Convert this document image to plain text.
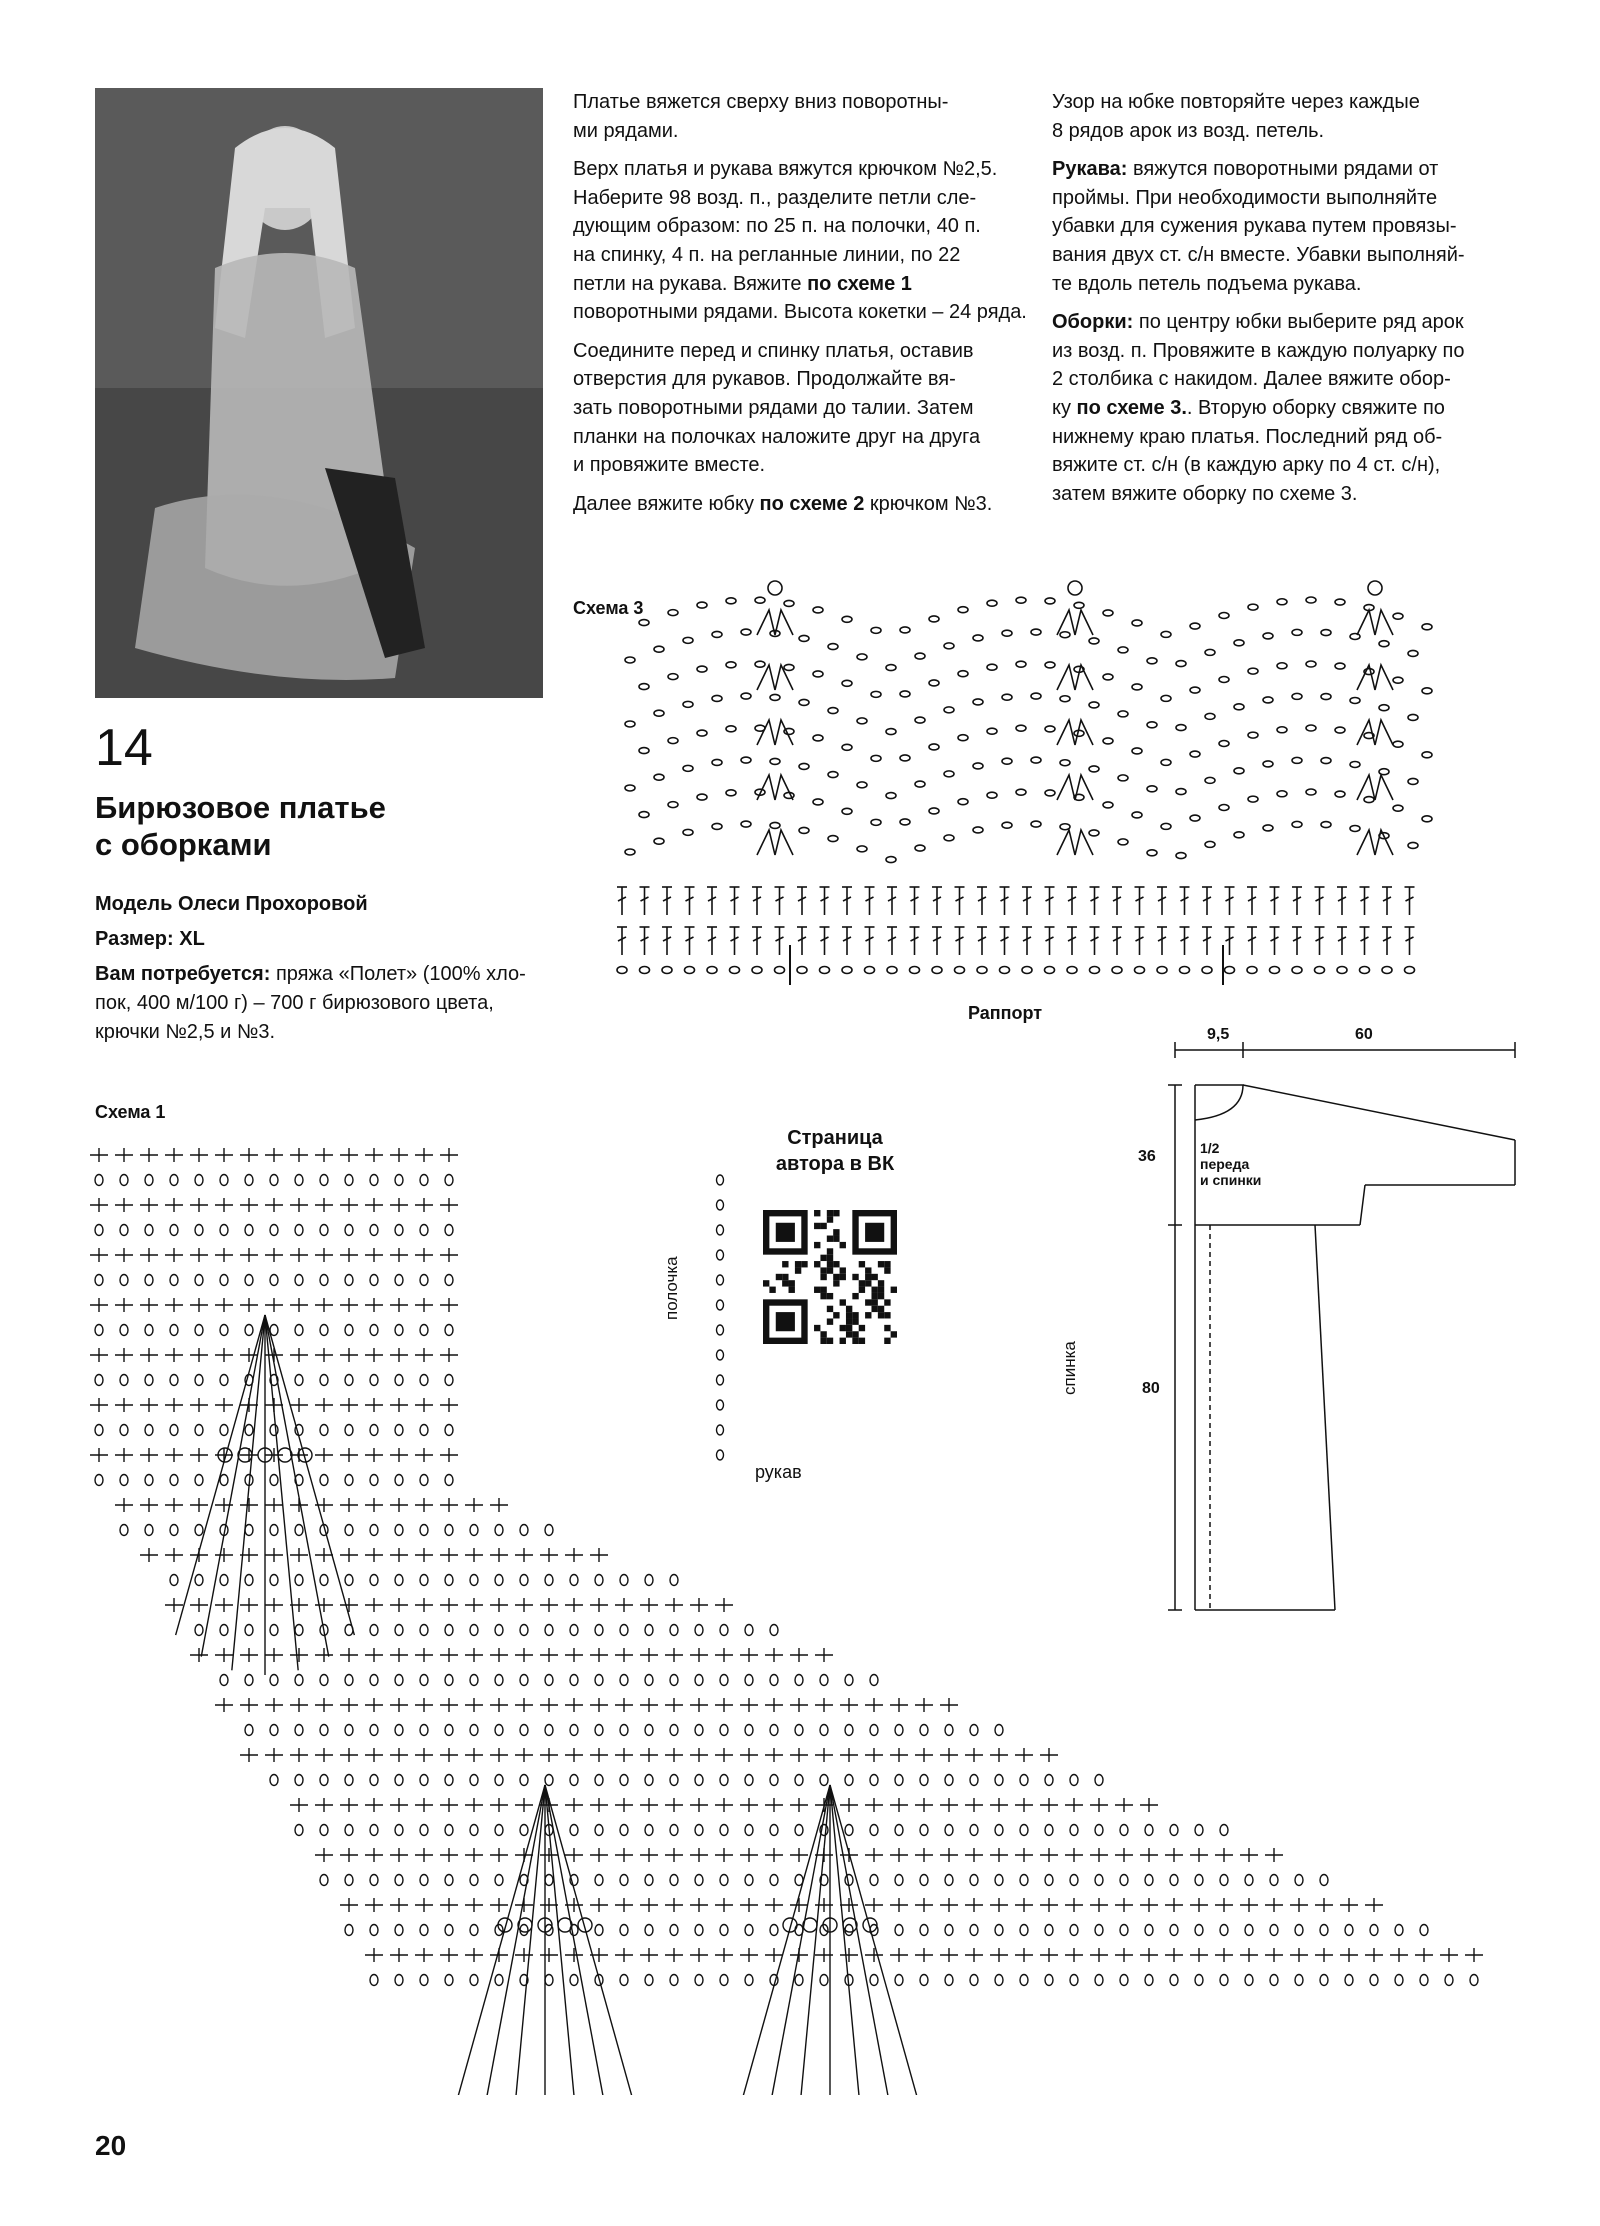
14
Бирюзовое платье
с оборками
Модель Олеси Прохоровой
Размер: XL
Вам потребуется: пряжа «Полет» (100% хло-
пок, 400 м/100 г) – 700 г бирюзового цвета,
крючки №2,5 и №3.

Платье вяжется сверху вниз поворотны-
ми рядами.

Верх платья и рукава вяжутся крючком №2,5.
Наберите 98 возд. п., разделите петли сле-
дующим образом: по 25 п. на полочки, 40 п.
на спинку, 4 п. на регланные линии, по 22
петли на рукава. Вяжите по схеме 1
поворотными рядами. Высота кокетки – 24 ряда.

Соедините перед и спинку платья, оставив
отверстия для рукавов. Продолжайте вя-
зать поворотными рядами до талии. Затем
планки на полочках наложите друг на друга
и провяжите вместе.

Далее вяжите юбку по схеме 2 крючком №3.

Узор на юбке повторяйте через каждые
8 рядов арок из возд. петель.

Рукава: вяжутся поворотными рядами от
проймы. При необходимости выполняйте
убавки для сужения рукава путем провязы-
вания двух ст. с/н вместе. Убавки выполняй-
те вдоль петель подъема рукава.

Оборки: по центру юбки выберите ряд арок
из возд. п. Провяжите в каждую полуарку по
2 столбика с накидом. Далее вяжите обор-
ку по схеме 3.. Вторую оборку свяжите по
нижнему краю платья. Последний ряд об-
вяжите ст. с/н (в каждую арку по 4 ст. с/н),
затем вяжите оборку по схеме 3.

Схема 3
Раппорт
Схема 1
Страница
автора в ВК
полочка
спинка
рукав
9,5	60
36
80
1/2
переда
и спинки
20
